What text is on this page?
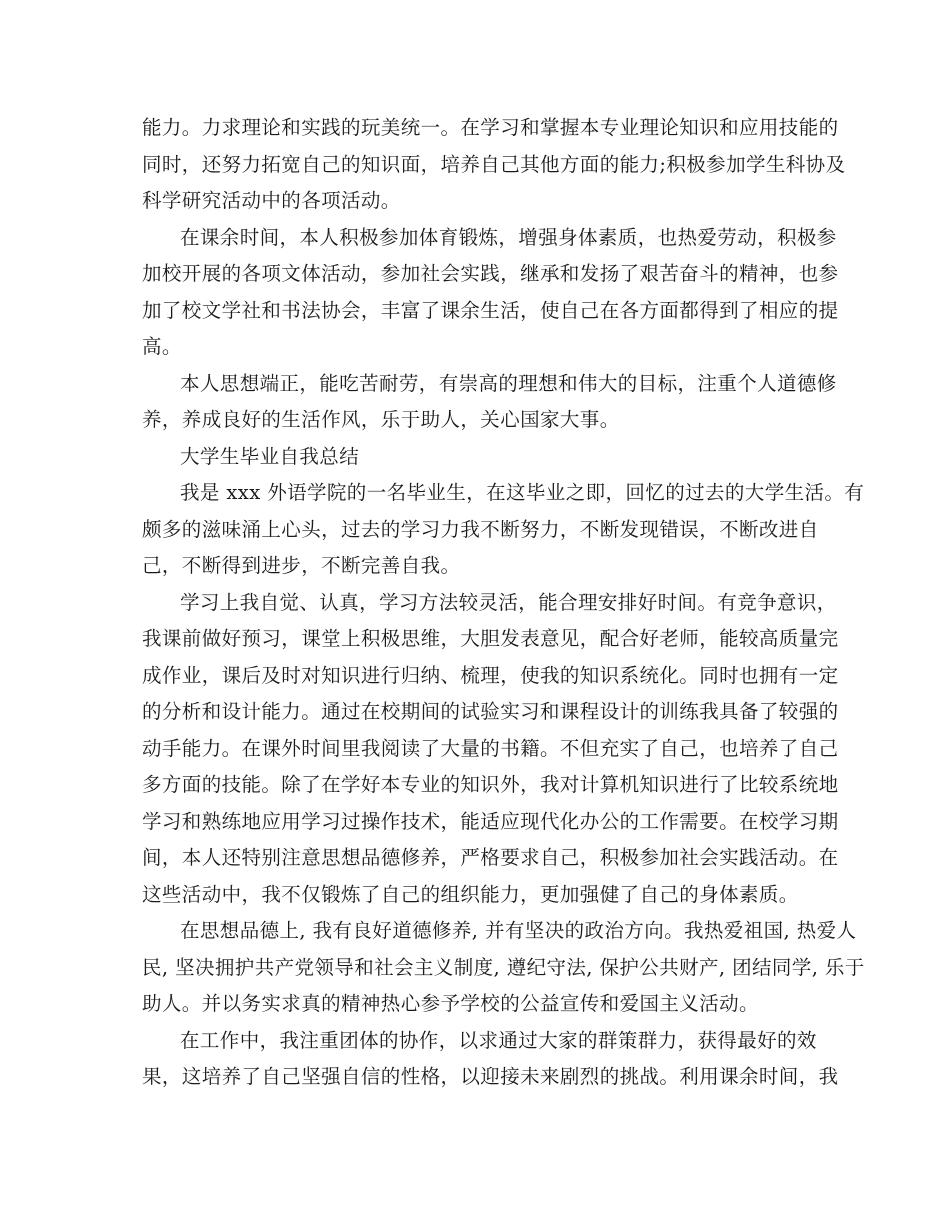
能力。力求理论和实践的玩美统一。在学习和掌握本专业理论知识和应用技能的
同时，还努力拓宽自己的知识面，培养自己其他方面的能力;积极参加学生科协及
科学研究活动中的各项活动。
在课余时间，本人积极参加体育锻炼，增强身体素质，也热爱劳动，积极参
加校开展的各项文体活动，参加社会实践，继承和发扬了艰苦奋斗的精神，也参
加了校文学社和书法协会，丰富了课余生活，使自己在各方面都得到了相应的提
高。
本人思想端正，能吃苦耐劳，有崇高的理想和伟大的目标，注重个人道德修
养，养成良好的生活作风，乐于助人，关心国家大事。
大学生毕业自我总结
我是 xxx 外语学院的一名毕业生，在这毕业之即，回忆的过去的大学生活。有
颇多的滋味涌上心头，过去的学习力我不断努力，不断发现错误，不断改进自
己，不断得到进步，不断完善自我。
学习上我自觉、认真，学习方法较灵活，能合理安排好时间。有竞争意识，
我课前做好预习，课堂上积极思维，大胆发表意见，配合好老师，能较高质量完
成作业，课后及时对知识进行归纳、梳理，使我的知识系统化。同时也拥有一定
的分析和设计能力。通过在校期间的试验实习和课程设计的训练我具备了较强的
动手能力。在课外时间里我阅读了大量的书籍。不但充实了自己，也培养了自己
多方面的技能。除了在学好本专业的知识外，我对计算机知识进行了比较系统地
学习和熟练地应用学习过操作技术，能适应现代化办公的工作需要。在校学习期
间，本人还特别注意思想品德修养，严格要求自己，积极参加社会实践活动。在
这些活动中，我不仅锻炼了自己的组织能力，更加强健了自己的身体素质。
在思想品德上, 我有良好道德修养, 并有坚决的政治方向。我热爱祖国, 热爱人
民, 坚决拥护共产党领导和社会主义制度, 遵纪守法, 保护公共财产, 团结同学, 乐于
助人。并以务实求真的精神热心参予学校的公益宣传和爱国主义活动。
在工作中，我注重团体的协作，以求通过大家的群策群力，获得最好的效
果，这培养了自己坚强自信的性格，以迎接未来剧烈的挑战。利用课余时间，我
